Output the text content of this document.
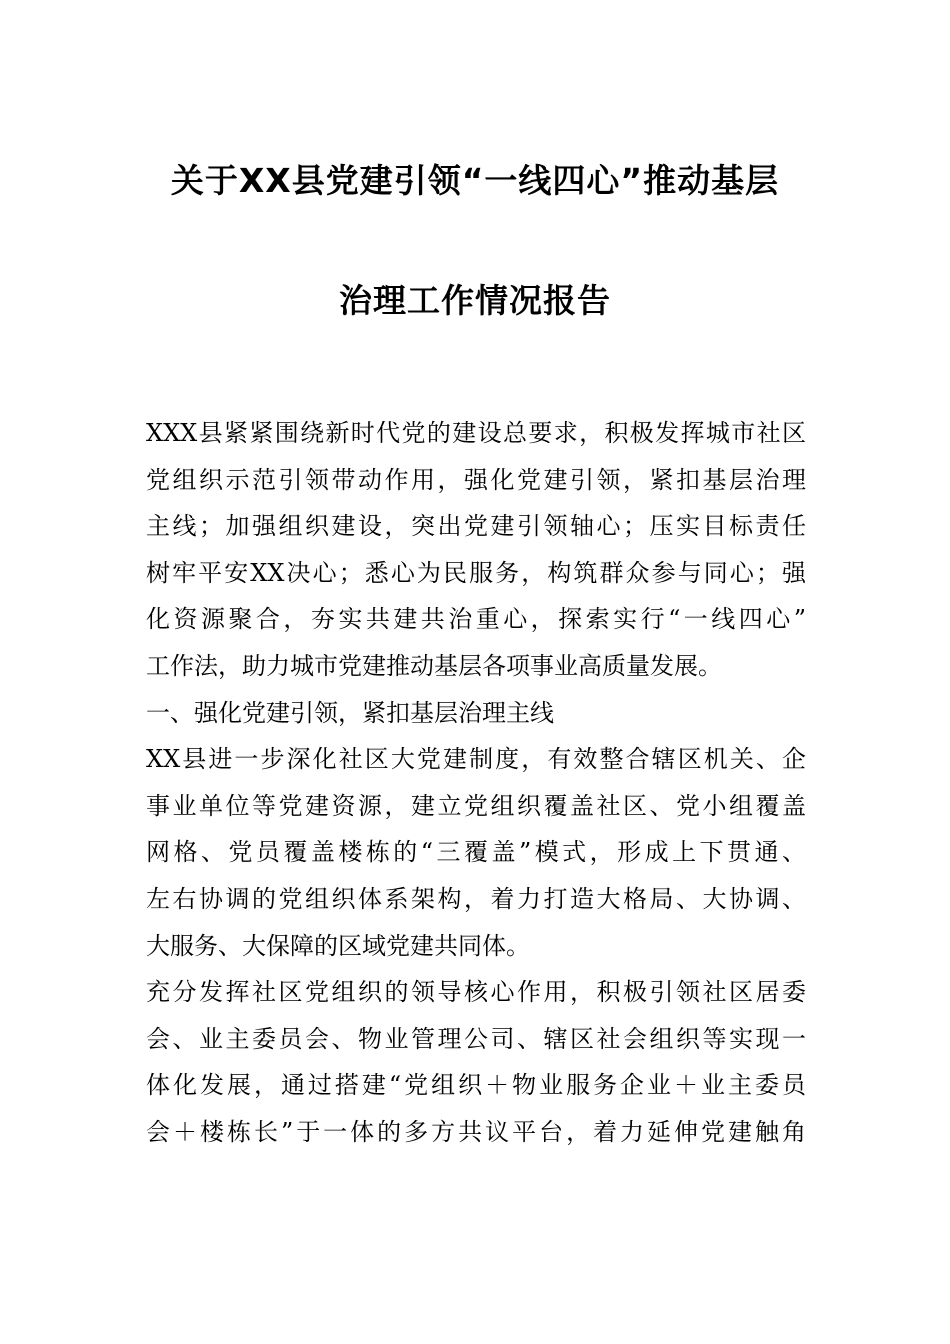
关于XX县党建引领“一线四心”推动基层
治理工作情况报告
XXX县紧紧围绕新时代党的建设总要求，积极发挥城市社区
党组织示范引领带动作用，强化党建引领，紧扣基层治理
主线；加强组织建设，突出党建引领轴心；压实目标责任
树牢平安XX决心；悉心为民服务，构筑群众参与同心；强
化资源聚合，夯实共建共治重心，探索实行“一线四心”
工作法，助力城市党建推动基层各项事业高质量发展。
一、强化党建引领，紧扣基层治理主线
XX县进一步深化社区大党建制度，有效整合辖区机关、企
事业单位等党建资源，建立党组织覆盖社区、党小组覆盖
网格、党员覆盖楼栋的“三覆盖”模式，形成上下贯通、
左右协调的党组织体系架构，着力打造大格局、大协调、
大服务、大保障的区域党建共同体。
充分发挥社区党组织的领导核心作用，积极引领社区居委
会、业主委员会、物业管理公司、辖区社会组织等实现一
体化发展，通过搭建“党组织＋物业服务企业＋业主委员
会＋楼栋长”于一体的多方共议平台，着力延伸党建触角
